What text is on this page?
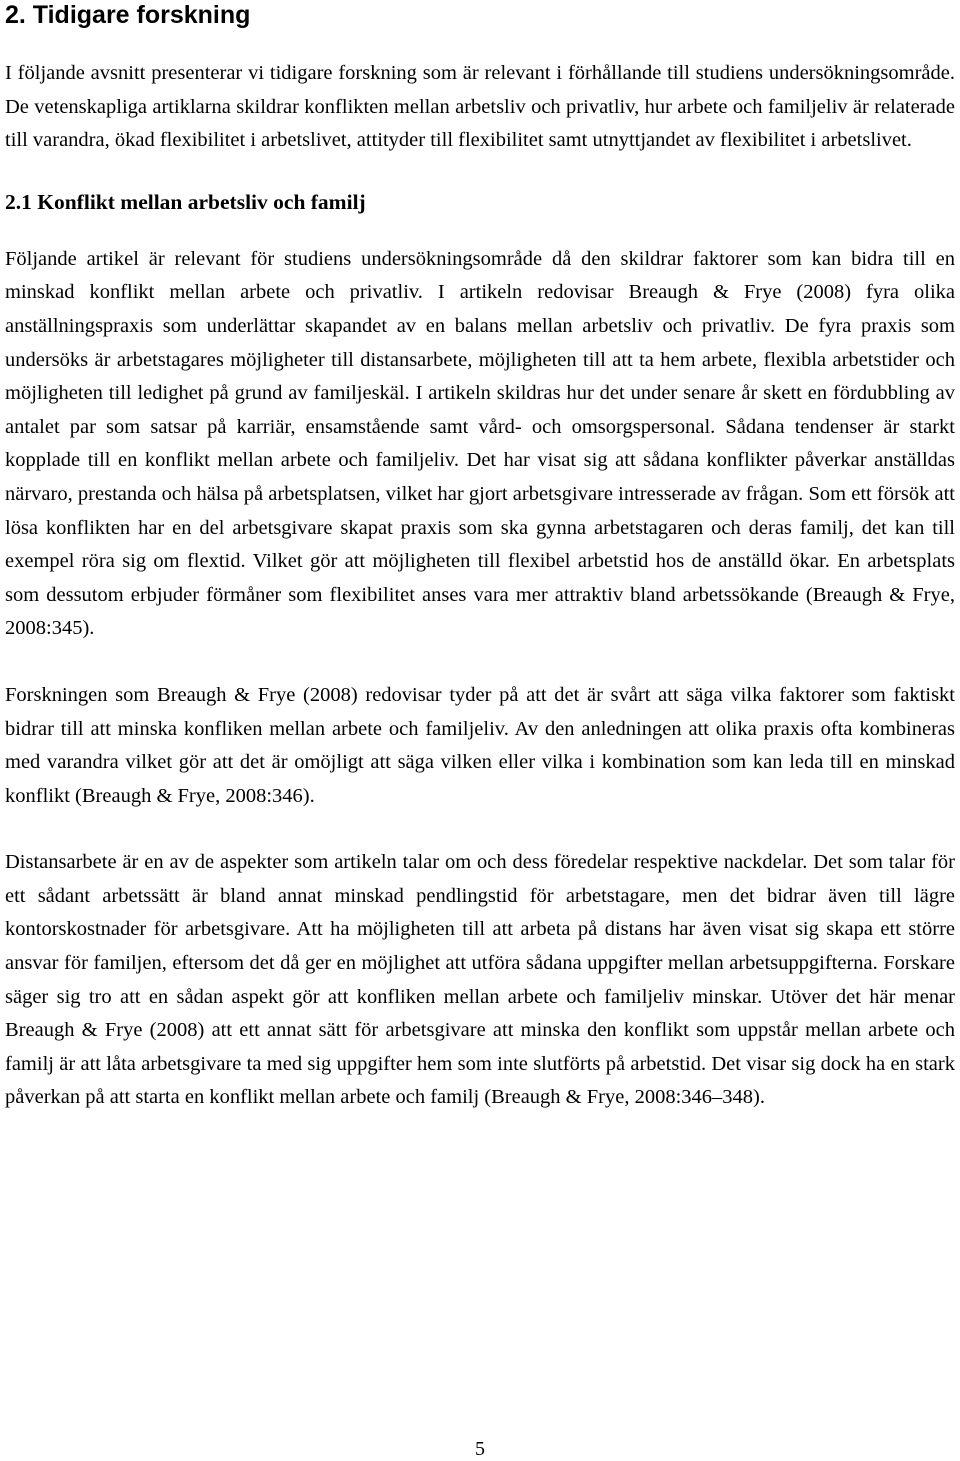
2. Tidigare forskning

I följande avsnitt presenterar vi tidigare forskning som är relevant i förhållande till studiens undersökningsområde. De vetenskapliga artiklarna skildrar konflikten mellan arbetsliv och privatliv, hur arbete och familjeliv är relaterade till varandra, ökad flexibilitet i arbetslivet, attityder till flexibilitet samt utnyttjandet av flexibilitet i arbetslivet.

2.1 Konflikt mellan arbetsliv och familj

Följande artikel är relevant för studiens undersökningsområde då den skildrar faktorer som kan bidra till en minskad konflikt mellan arbete och privatliv. I artikeln redovisar Breaugh & Frye (2008) fyra olika anställningspraxis som underlättar skapandet av en balans mellan arbetsliv och privatliv. De fyra praxis som undersöks är arbetstagares möjligheter till distansarbete, möjligheten till att ta hem arbete, flexibla arbetstider och möjligheten till ledighet på grund av familjeskäl. I artikeln skildras hur det under senare år skett en fördubbling av antalet par som satsar på karriär, ensamstående samt vård- och omsorgspersonal. Sådana tendenser är starkt kopplade till en konflikt mellan arbete och familjeliv. Det har visat sig att sådana konflikter påverkar anställdas närvaro, prestanda och hälsa på arbetsplatsen, vilket har gjort arbetsgivare intresserade av frågan. Som ett försök att lösa konflikten har en del arbetsgivare skapat praxis som ska gynna arbetstagaren och deras familj, det kan till exempel röra sig om flextid. Vilket gör att möjligheten till flexibel arbetstid hos de anställd ökar. En arbetsplats som dessutom erbjuder förmåner som flexibilitet anses vara mer attraktiv bland arbetssökande (Breaugh & Frye, 2008:345).

Forskningen som Breaugh & Frye (2008) redovisar tyder på att det är svårt att säga vilka faktorer som faktiskt bidrar till att minska konfliken mellan arbete och familjeliv. Av den anledningen att olika praxis ofta kombineras med varandra vilket gör att det är omöjligt att säga vilken eller vilka i kombination som kan leda till en minskad konflikt (Breaugh & Frye, 2008:346).

Distansarbete är en av de aspekter som artikeln talar om och dess föredelar respektive nackdelar. Det som talar för ett sådant arbetssätt är bland annat minskad pendlingstid för arbetstagare, men det bidrar även till lägre kontorskostnader för arbetsgivare. Att ha möjligheten till att arbeta på distans har även visat sig skapa ett större ansvar för familjen, eftersom det då ger en möjlighet att utföra sådana uppgifter mellan arbetsuppgifterna. Forskare säger sig tro att en sådan aspekt gör att konfliken mellan arbete och familjeliv minskar. Utöver det här menar Breaugh & Frye (2008) att ett annat sätt för arbetsgivare att minska den konflikt som uppstår mellan arbete och familj är att låta arbetsgivare ta med sig uppgifter hem som inte slutförts på arbetstid. Det visar sig dock ha en stark påverkan på att starta en konflikt mellan arbete och familj (Breaugh & Frye, 2008:346–348).

5
